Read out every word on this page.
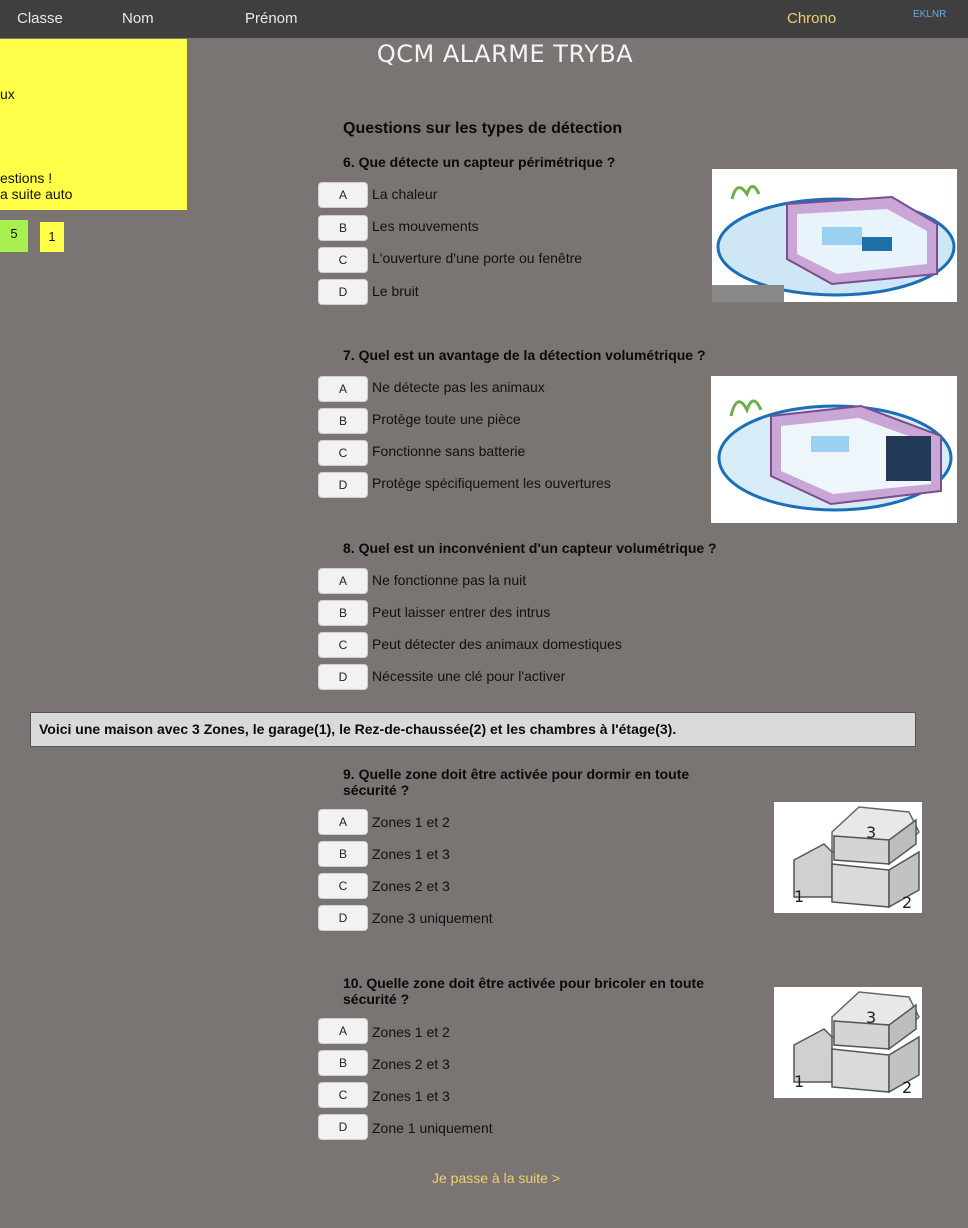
Classe	Nom	Prénom	Chrono	EKLNR
QCM ALARME TRYBA
ux
estions !
a suite auto
5	1
Questions sur les types de détection
6. Que détecte un capteur périmétrique ?
A	La chaleur
B	Les mouvements
C	L'ouverture d'une porte ou fenêtre
D	Le bruit
7. Quel est un avantage de la détection volumétrique ?
A	Ne détecte pas les animaux
B	Protège toute une pièce
C	Fonctionne sans batterie
D	Protège spécifiquement les ouvertures
8. Quel est un inconvénient d'un capteur volumétrique ?
A	Ne fonctionne pas la nuit
B	Peut laisser entrer des intrus
C	Peut détecter des animaux domestiques
D	Nécessite une clé pour l'activer
Voici une maison avec 3 Zones, le garage(1), le Rez-de-chaussée(2) et les chambres à l'étage(3).
9. Quelle zone doit être activée pour dormir en toute sécurité ?
A	Zones 1 et 2
B	Zones 1 et 3
C	Zones 2 et 3
D	Zone 3 uniquement
3
1	2
10. Quelle zone doit être activée pour bricoler en toute sécurité ?
A	Zones 1 et 2
B	Zones 2 et 3
C	Zones 1 et 3
D	Zone 1 uniquement
3
1	2
Je passe à la suite >
